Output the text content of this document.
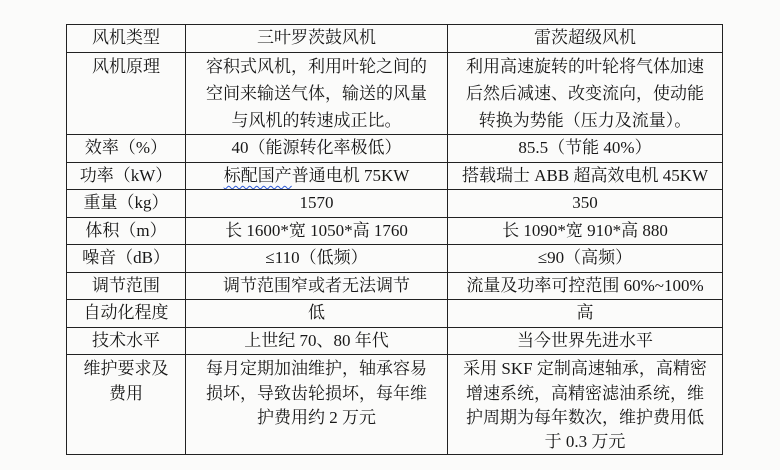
风机类型	三叶罗茨鼓风机	雷茨超级风机
风机原理	容积式风机，利用叶轮之间的空间来输送气体，输送的风量与风机的转速成正比。	利用高速旋转的叶轮将气体加速后然后减速、改变流向，使动能转换为势能（压力及流量）。
效率（%）	40（能源转化率极低）	85.5（节能 40%）
功率（kW）	标配国产普通电机 75KW	搭载瑞士 ABB 超高效电机 45KW
重量（kg）	1570	350
体积（m）	长 1600*宽 1050*高 1760	长 1090*宽 910*高 880
噪音（dB）	≤110（低频）	≤90（高频）
调节范围	调节范围窄或者无法调节	流量及功率可控范围 60%~100%
自动化程度	低	高
技术水平	上世纪 70、80 年代	当今世界先进水平
维护要求及费用	每月定期加油维护，轴承容易损坏，导致齿轮损坏，每年维护费用约 2 万元	采用 SKF 定制高速轴承，高精密增速系统，高精密滤油系统，维护周期为每年数次，维护费用低于 0.3 万元
